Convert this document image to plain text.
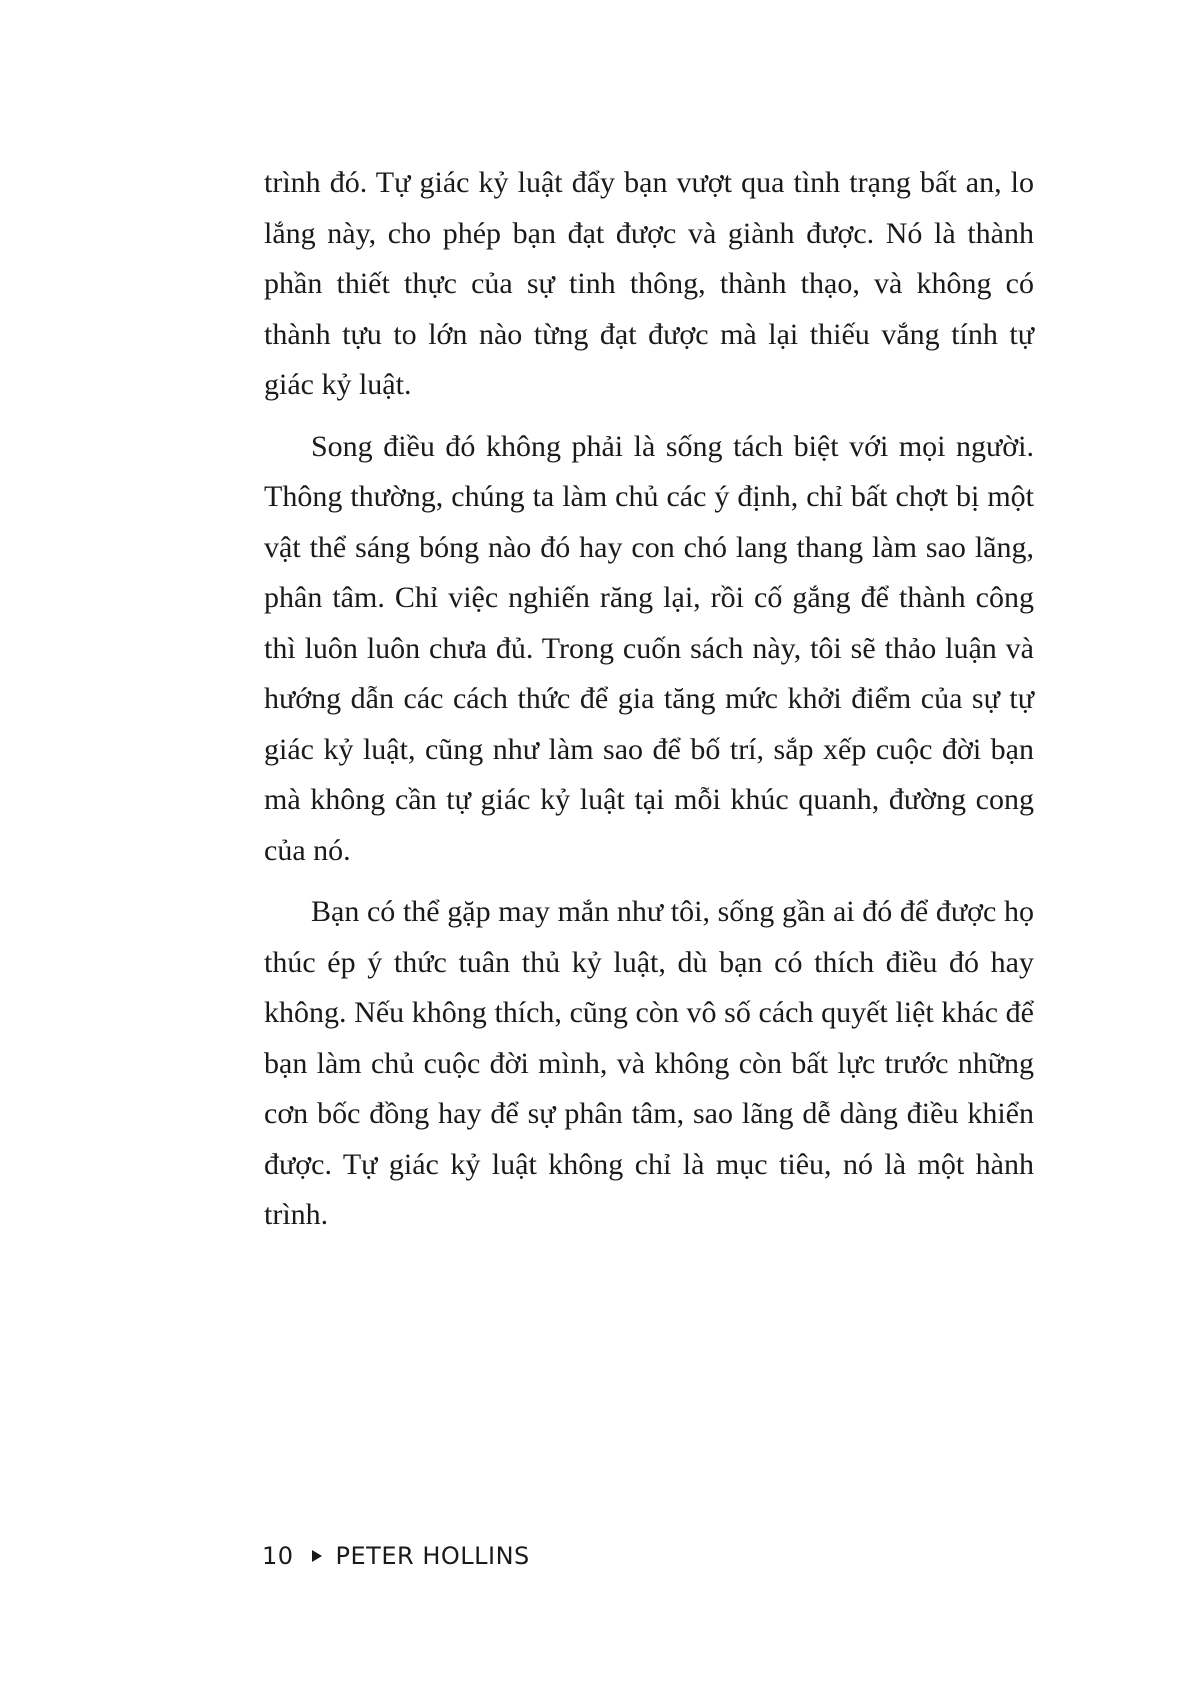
trình đó. Tự giác kỷ luật đẩy bạn vượt qua tình trạng bất an, lo lắng này, cho phép bạn đạt được và giành được. Nó là thành phần thiết thực của sự tinh thông, thành thạo, và không có thành tựu to lớn nào từng đạt được mà lại thiếu vắng tính tự giác kỷ luật.

Song điều đó không phải là sống tách biệt với mọi người. Thông thường, chúng ta làm chủ các ý định, chỉ bất chợt bị một vật thể sáng bóng nào đó hay con chó lang thang làm sao lãng, phân tâm. Chỉ việc nghiến răng lại, rồi cố gắng để thành công thì luôn luôn chưa đủ. Trong cuốn sách này, tôi sẽ thảo luận và hướng dẫn các cách thức để gia tăng mức khởi điểm của sự tự giác kỷ luật, cũng như làm sao để bố trí, sắp xếp cuộc đời bạn mà không cần tự giác kỷ luật tại mỗi khúc quanh, đường cong của nó.

Bạn có thể gặp may mắn như tôi, sống gần ai đó để được họ thúc ép ý thức tuân thủ kỷ luật, dù bạn có thích điều đó hay không. Nếu không thích, cũng còn vô số cách quyết liệt khác để bạn làm chủ cuộc đời mình, và không còn bất lực trước những cơn bốc đồng hay để sự phân tâm, sao lãng dễ dàng điều khiển được. Tự giác kỷ luật không chỉ là mục tiêu, nó là một hành trình.

10 PETER HOLLINS
